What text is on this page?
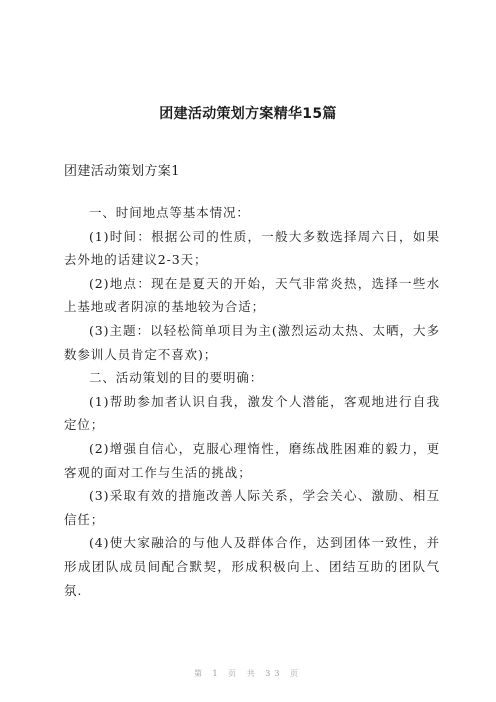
团建活动策划方案精华15篇
团建活动策划方案1

一、时间地点等基本情况：

(1)时间：根据公司的性质，一般大多数选择周六日，如果去外地的话建议2-3天；

(2)地点：现在是夏天的开始，天气非常炎热，选择一些水上基地或者阴凉的基地较为合适；

(3)主题：以轻松简单项目为主(激烈运动太热、太晒，大多数参训人员肯定不喜欢)；

二、活动策划的目的要明确：

(1)帮助参加者认识自我，激发个人潜能，客观地进行自我定位；

(2)增强自信心，克服心理惰性，磨练战胜困难的毅力，更客观的面对工作与生活的挑战；

(3)采取有效的措施改善人际关系，学会关心、激励、相互信任；

(4)使大家融洽的与他人及群体合作，达到团体一致性，并形成团队成员间配合默契，形成积极向上、团结互助的团队气氛.

第 1 页 共 33 页
